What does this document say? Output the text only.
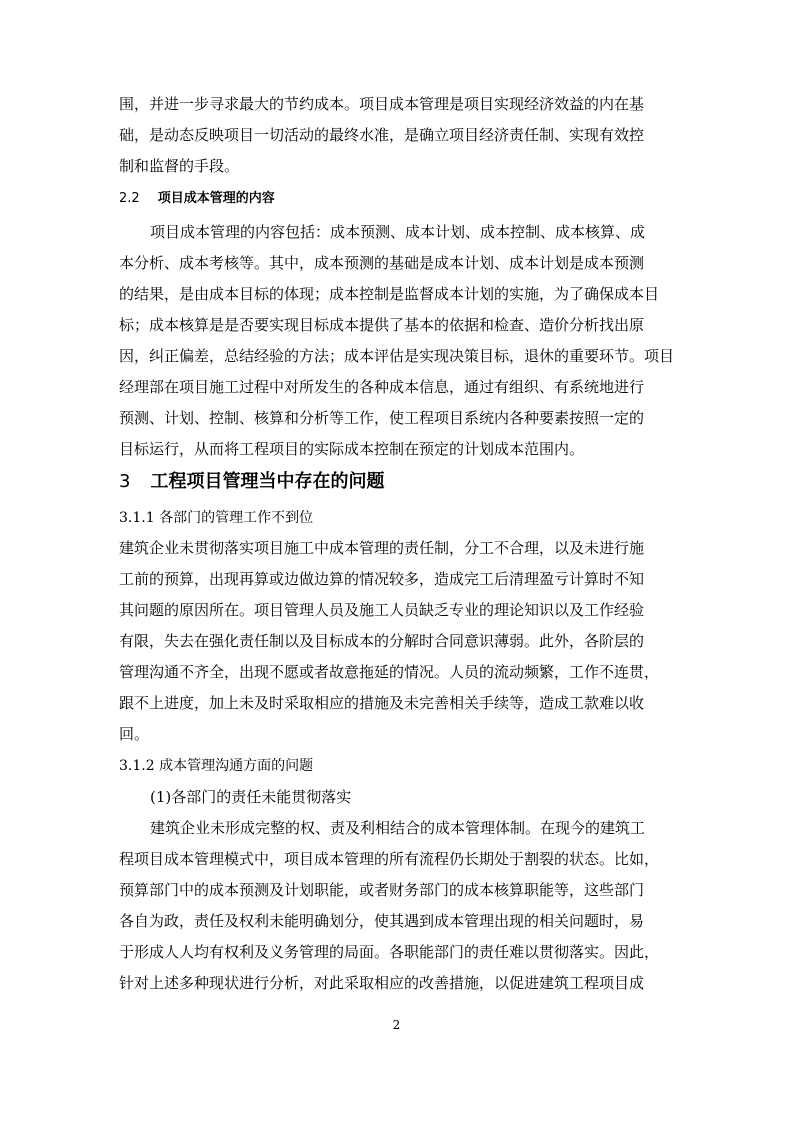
围，并进一步寻求最大的节约成本。项目成本管理是项目实现经济效益的内在基
础，是动态反映项目一切活动的最终水准，是确立项目经济责任制、实现有效控
制和监督的手段。
2.2 项目成本管理的内容
项目成本管理的内容包括：成本预测、成本计划、成本控制、成本核算、成
本分析、成本考核等。其中，成本预测的基础是成本计划、成本计划是成本预测
的结果，是由成本目标的体现；成本控制是监督成本计划的实施，为了确保成本目
标；成本核算是是否要实现目标成本提供了基本的依据和检查、造价分析找出原
因，纠正偏差，总结经验的方法；成本评估是实现决策目标，退休的重要环节。项目
经理部在项目施工过程中对所发生的各种成本信息，通过有组织、有系统地进行
预测、计划、控制、核算和分析等工作，使工程项目系统内各种要素按照一定的
目标运行，从而将工程项目的实际成本控制在预定的计划成本范围内。
3 工程项目管理当中存在的问题
3.1.1 各部门的管理工作不到位
建筑企业未贯彻落实项目施工中成本管理的责任制，分工不合理，以及未进行施
工前的预算，出现再算或边做边算的情况较多，造成完工后清理盈亏计算时不知
其问题的原因所在。项目管理人员及施工人员缺乏专业的理论知识以及工作经验
有限，失去在强化责任制以及目标成本的分解时合同意识薄弱。此外，各阶层的
管理沟通不齐全，出现不愿或者故意拖延的情况。人员的流动频繁，工作不连贯，
跟不上进度，加上未及时采取相应的措施及未完善相关手续等，造成工款难以收
回。
3.1.2 成本管理沟通方面的问题
(1)各部门的责任未能贯彻落实
建筑企业未形成完整的权、责及利相结合的成本管理体制。在现今的建筑工
程项目成本管理模式中，项目成本管理的所有流程仍长期处于割裂的状态。比如，
预算部门中的成本预测及计划职能，或者财务部门的成本核算职能等，这些部门
各自为政，责任及权利未能明确划分，使其遇到成本管理出现的相关问题时，易
于形成人人均有权利及义务管理的局面。各职能部门的责任难以贯彻落实。因此，
针对上述多种现状进行分析，对此采取相应的改善措施，以促进建筑工程项目成
2
